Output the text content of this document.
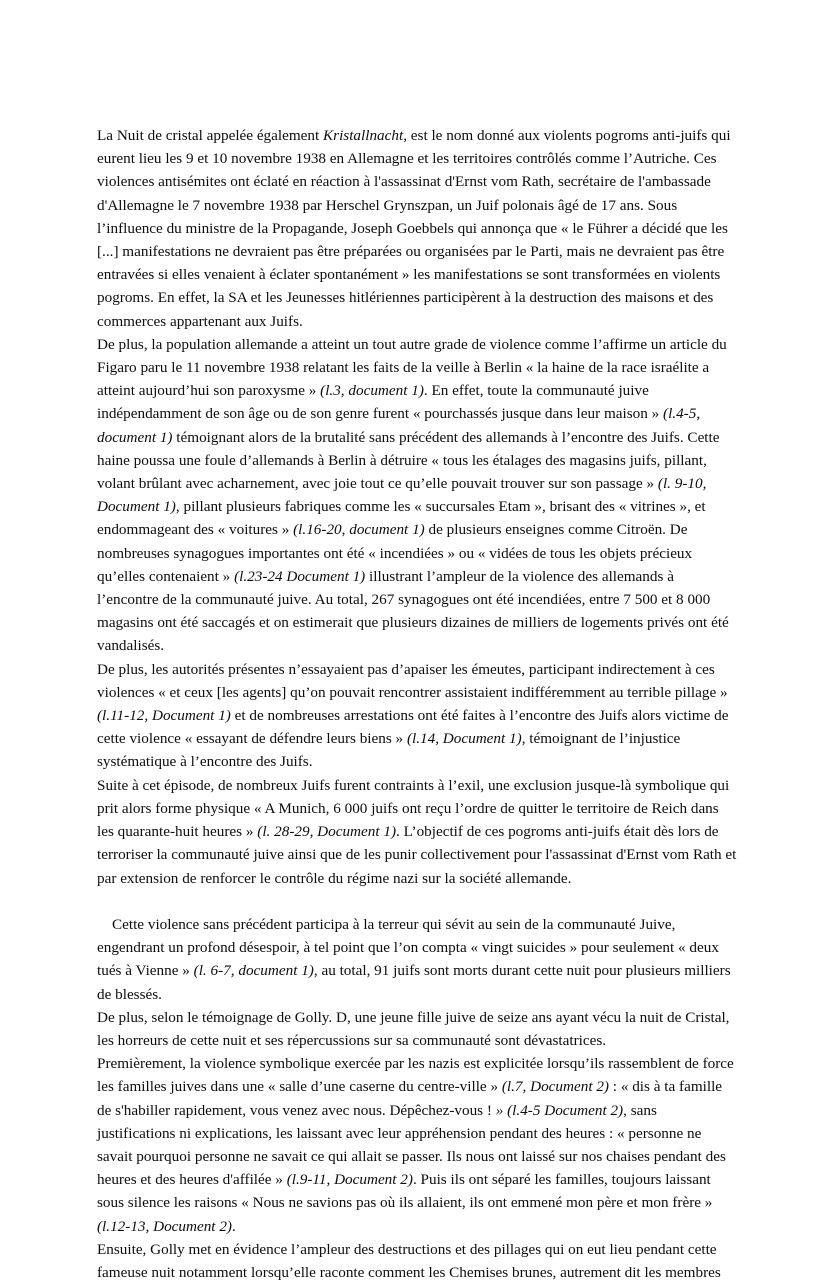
La Nuit de cristal appelée également Kristallnacht, est le nom donné aux violents pogroms anti-juifs qui eurent lieu les 9 et 10 novembre 1938 en Allemagne et les territoires contrôlés comme l’Autriche. Ces violences antisémites ont éclaté en réaction à l'assassinat d'Ernst vom Rath, secrétaire de l'ambassade d'Allemagne le 7 novembre 1938 par Herschel Grynszpan, un Juif polonais âgé de 17 ans. Sous l’influence du ministre de la Propagande, Joseph Goebbels qui annonça que « le Führer a décidé que les [...] manifestations ne devraient pas être préparées ou organisées par le Parti, mais ne devraient pas être entravées si elles venaient à éclater spontanément » les manifestations se sont transformées en violents pogroms. En effet, la SA et les Jeunesses hitlériennes participèrent à la destruction des maisons et des commerces appartenant aux Juifs.

De plus, la population allemande a atteint un tout autre grade de violence comme l’affirme un article du Figaro paru le 11 novembre 1938 relatant les faits de la veille à Berlin « la haine de la race israélite a atteint aujourd’hui son paroxysme » (l.3, document 1). En effet, toute la communauté juive indépendamment de son âge ou de son genre furent « pourchassés jusque dans leur maison » (l.4-5, document 1) témoignant alors de la brutalité sans précédent des allemands à l’encontre des Juifs. Cette haine poussa une foule d’allemands à Berlin à détruire « tous les étalages des magasins juifs, pillant, volant brûlant avec acharnement, avec joie tout ce qu’elle pouvait trouver sur son passage » (l. 9-10, Document 1), pillant plusieurs fabriques comme les « succursales Etam », brisant des « vitrines », et endommageant des « voitures » (l.16-20, document 1) de plusieurs enseignes comme Citroën. De nombreuses synagogues importantes ont été « incendiées » ou « vidées de tous les objets précieux qu’elles contenaient » (l.23-24 Document 1) illustrant l’ampleur de la violence des allemands à l’encontre de la communauté juive. Au total, 267 synagogues ont été incendiées, entre 7 500 et 8 000 magasins ont été saccagés et on estimerait que plusieurs dizaines de milliers de logements privés ont été vandalisés.

De plus, les autorités présentes n’essayaient pas d’apaiser les émeutes, participant indirectement à ces violences « et ceux [les agents] qu’on pouvait rencontrer assistaient indifféremment au terrible pillage » (l.11-12, Document 1) et de nombreuses arrestations ont été faites à l’encontre des Juifs alors victime de cette violence « essayant de défendre leurs biens » (l.14, Document 1), témoignant de l’injustice systématique à l’encontre des Juifs.

Suite à cet épisode, de nombreux Juifs furent contraints à l’exil, une exclusion jusque-là symbolique qui prit alors forme physique « A Munich, 6 000 juifs ont reçu l’ordre de quitter le territoire de Reich dans les quarante-huit heures » (l. 28-29, Document 1). L’objectif de ces pogroms anti-juifs était dès lors de terroriser la communauté juive ainsi que de les punir collectivement pour l'assassinat d'Ernst vom Rath et par extension de renforcer le contrôle du régime nazi sur la société allemande.

Cette violence sans précédent participa à la terreur qui sévit au sein de la communauté Juive, engendrant un profond désespoir, à tel point que l’on compta « vingt suicides » pour seulement « deux tués à Vienne » (l. 6-7, document 1), au total, 91 juifs sont morts durant cette nuit pour plusieurs milliers de blessés.

De plus, selon le témoignage de Golly. D, une jeune fille juive de seize ans ayant vécu la nuit de Cristal, les horreurs de cette nuit et ses répercussions sur sa communauté sont dévastatrices.

Premièrement, la violence symbolique exercée par les nazis est explicitée lorsqu’ils rassemblent de force les familles juives dans une « salle d’une caserne du centre-ville » (l.7, Document 2) : « dis à ta famille de s'habiller rapidement, vous venez avec nous. Dépêchez-vous ! » (l.4-5 Document 2), sans justifications ni explications, les laissant avec leur appréhension pendant des heures : « personne ne savait pourquoi personne ne savait ce qui allait se passer. Ils nous ont laissé sur nos chaises pendant des heures et des heures d'affilée » (l.9-11, Document 2). Puis ils ont séparé les familles, toujours laissant sous silence les raisons « Nous ne savions pas où ils allaient, ils ont emmené mon père et mon frère » (l.12-13, Document 2).

Ensuite, Golly met en évidence l’ampleur des destructions et des pillages qui on eut lieu pendant cette fameuse nuit notamment lorsqu’elle raconte comment les Chemises brunes, autrement dit les membres
